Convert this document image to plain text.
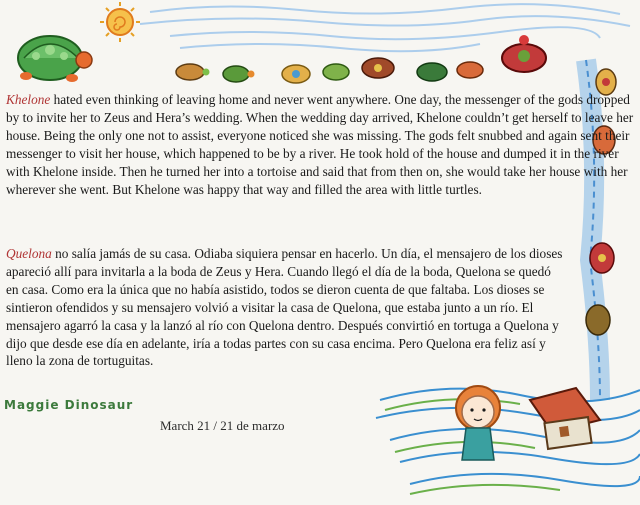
Khelone hated even thinking of leaving home and never went anywhere. One day, the messenger of the gods dropped by to invite her to Zeus and Hera’s wedding. When the wedding day arrived, Khelone couldn’t get herself to leave her house. Being the only one not to assist, everyone noticed she was missing. The gods felt snubbed and again sent their messenger to visit her house, which happened to be by a river. He took hold of the house and dumped it in the river with Khelone inside. Then he turned her into a tortoise and said that from then on, she would take her house with her wherever she went. But Khelone was happy that way and filled the area with little turtles.

Quelona no salía jamás de su casa. Odiaba siquiera pensar en hacerlo. Un día, el mensajero de los dioses apareció allí para invitarla a la boda de Zeus y Hera. Cuando llegó el día de la boda, Quelona se quedó en casa. Como era la única que no había asistido, todos se dieron cuenta de que faltaba. Los dioses se sintieron ofendidos y su mensajero volvió a visitar la casa de Quelona, que estaba junto a un río. El mensajero agarró la casa y la lanzó al río con Quelona dentro. Después convirtió en tortuga a Quelona y dijo que desde ese día en adelante, iría a todas partes con su casa encima. Pero Quelona era feliz así y lleno la zona de tortuguitas.

Maggie Dinosaur
March 21 / 21 de marzo
